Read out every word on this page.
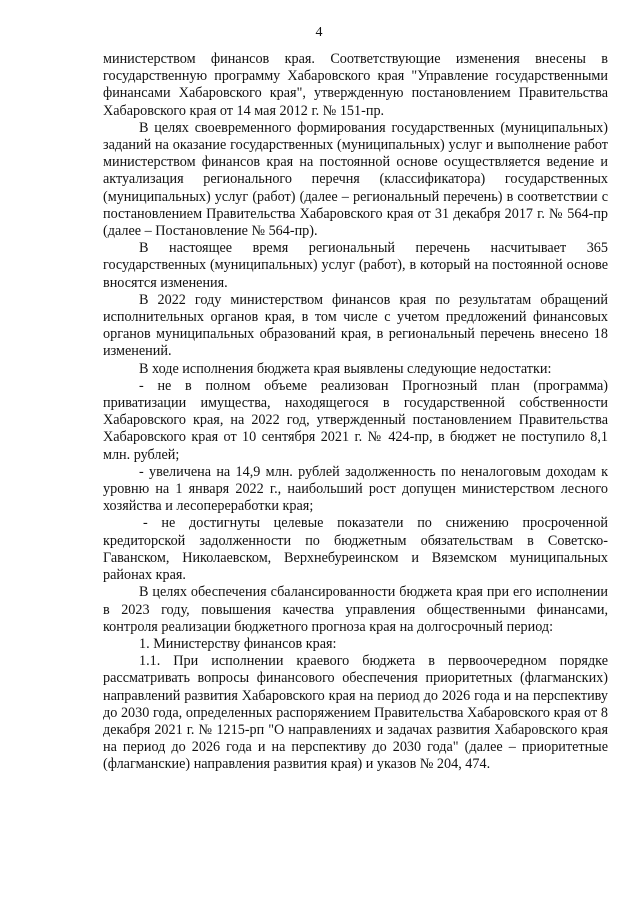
4

министерством финансов края. Соответствующие изменения внесены в государственную программу Хабаровского края "Управление государственными финансами Хабаровского края", утвержденную постановлением Правительства Хабаровского края от 14 мая 2012 г. № 151-пр.

В целях своевременного формирования государственных (муниципальных) заданий на оказание государственных (муниципальных) услуг и выполнение работ министерством финансов края на постоянной основе осуществляется ведение и актуализация регионального перечня (классификатора) государственных (муниципальных) услуг (работ) (далее – региональный перечень) в соответствии с постановлением Правительства Хабаровского края от 31 декабря 2017 г. № 564-пр (далее – Постановление № 564-пр).

В настоящее время региональный перечень насчитывает 365 государственных (муниципальных) услуг (работ), в который на постоянной основе вносятся изменения.

В 2022 году министерством финансов края по результатам обращений исполнительных органов края, в том числе с учетом предложений финансовых органов муниципальных образований края, в региональный перечень внесено 18 изменений.

В ходе исполнения бюджета края выявлены следующие недостатки:

- не в полном объеме реализован Прогнозный план (программа) приватизации имущества, находящегося в государственной собственности Хабаровского края, на 2022 год, утвержденный постановлением Правительства Хабаровского края от 10 сентября 2021 г. № 424-пр, в бюджет не поступило 8,1 млн. рублей;

- увеличена на 14,9 млн. рублей задолженность по неналоговым доходам к уровню на 1 января 2022 г., наибольший рост допущен министерством лесного хозяйства и лесопереработки края;

- не достигнуты целевые показатели по снижению просроченной кредиторской задолженности по бюджетным обязательствам в Советско-Гаванском, Николаевском, Верхнебуреинском и Вяземском муниципальных районах края.

В целях обеспечения сбалансированности бюджета края при его исполнении в 2023 году, повышения качества управления общественными финансами, контроля реализации бюджетного прогноза края на долгосрочный период:

1. Министерству финансов края:

1.1. При исполнении краевого бюджета в первоочередном порядке рассматривать вопросы финансового обеспечения приоритетных (флагманских) направлений развития Хабаровского края на период до 2026 года и на перспективу до 2030 года, определенных распоряжением Правительства Хабаровского края от 8 декабря 2021 г. № 1215-рп "О направлениях и задачах развития Хабаровского края на период до 2026 года и на перспективу до 2030 года" (далее – приоритетные (флагманские) направления развития края) и указов № 204, 474.
